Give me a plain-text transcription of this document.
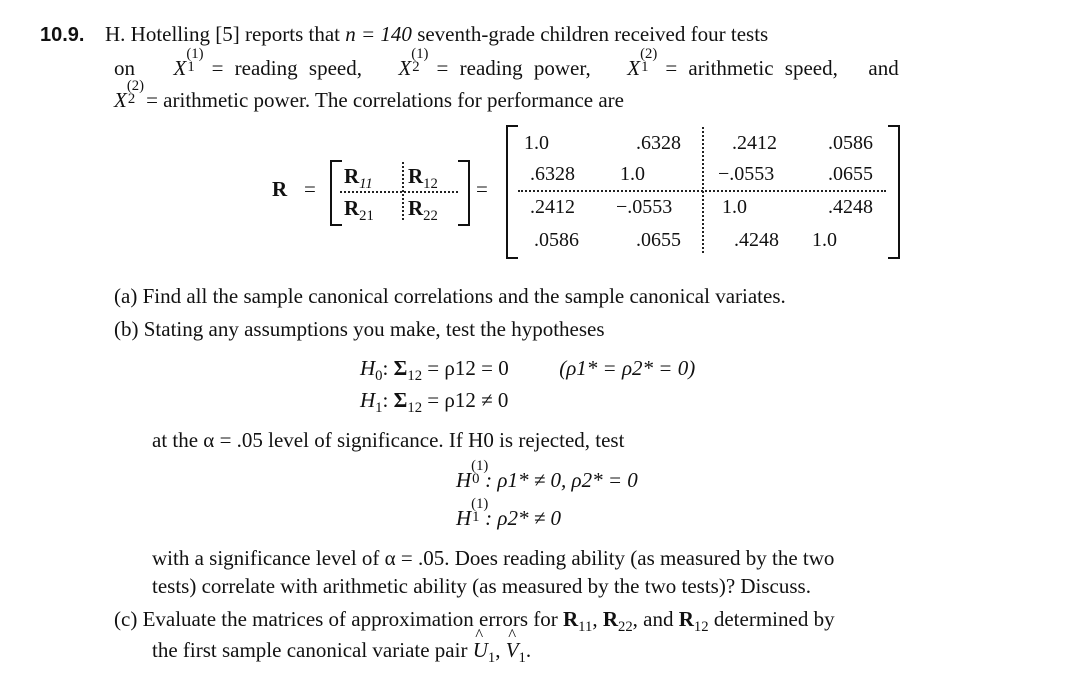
10.9. H. Hotelling [5] reports that n = 140 seventh-grade children received four tests
on X
(1)
1 = reading speed, X
(1)
2 = reading power, X
(2)
1 = arithmetic speed, and
X
(2)
2 = arithmetic power. The correlations for performance are
R =
$R_{11}$ $R_{12}$
$R_{21}$ $R_{22}$
=
1.0	.6328	.2412	.0586
.6328 1.0	−.0553	.0655
.2412 −.0553 1.0	.4248
.0586	.0655	.4248 1.0
(a) Find all the sample canonical correlations and the sample canonical variates.
(b) Stating any assumptions you make, test the hypotheses
$H_0$: $\Sigma_{12} = \rho 12 = 0$ (ρ1* = ρ2* = 0)
$H_1$: $\Sigma_{12} = \rho 12 \ne 0$
at the α = .05 level of significance. If H0 is rejected, test
H
(1)
0 : ρ1* ≠ 0, ρ2* = 0
H
(1)
1 : ρ2* ≠ 0
with a significance level of α = .05. Does reading ability (as measured by the two
tests) correlate with arithmetic ability (as measured by the two tests)? Discuss.
(c) Evaluate the matrices of approximation errors for $R_{11}$, $R_{22}$, and $R_{12}$ determined by
the first sample canonical variate pair ^ $U_1$, ^ $V_1$.
